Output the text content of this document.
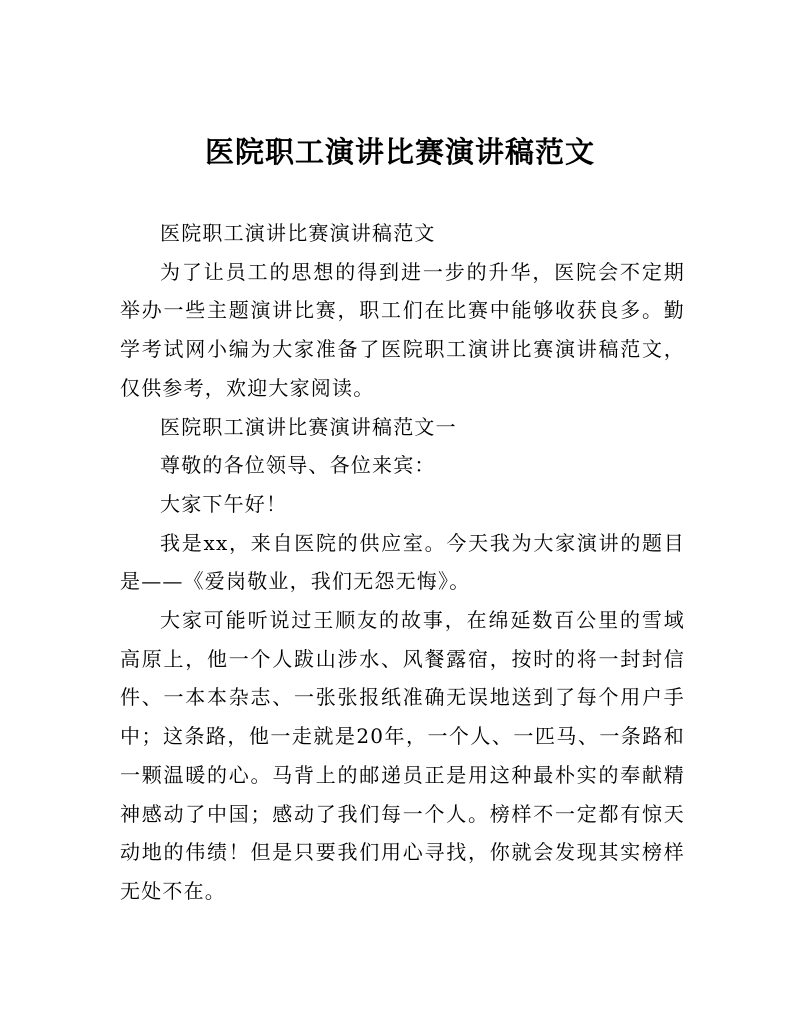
医院职工演讲比赛演讲稿范文

医院职工演讲比赛演讲稿范文

为了让员工的思想的得到进一步的升华，医院会不定期举办一些主题演讲比赛，职工们在比赛中能够收获良多。勤学考试网小编为大家准备了医院职工演讲比赛演讲稿范文，仅供参考，欢迎大家阅读。

医院职工演讲比赛演讲稿范文一

尊敬的各位领导、各位来宾：

大家下午好！

我是xx，来自医院的供应室。今天我为大家演讲的题目是——《爱岗敬业，我们无怨无悔》。

大家可能听说过王顺友的故事，在绵延数百公里的雪域高原上，他一个人跋山涉水、风餐露宿，按时的将一封封信件、一本本杂志、一张张报纸准确无误地送到了每个用户手中；这条路，他一走就是20年，一个人、一匹马、一条路和一颗温暖的心。马背上的邮递员正是用这种最朴实的奉献精神感动了中国；感动了我们每一个人。榜样不一定都有惊天动地的伟绩！但是只要我们用心寻找，你就会发现其实榜样无处不在。
